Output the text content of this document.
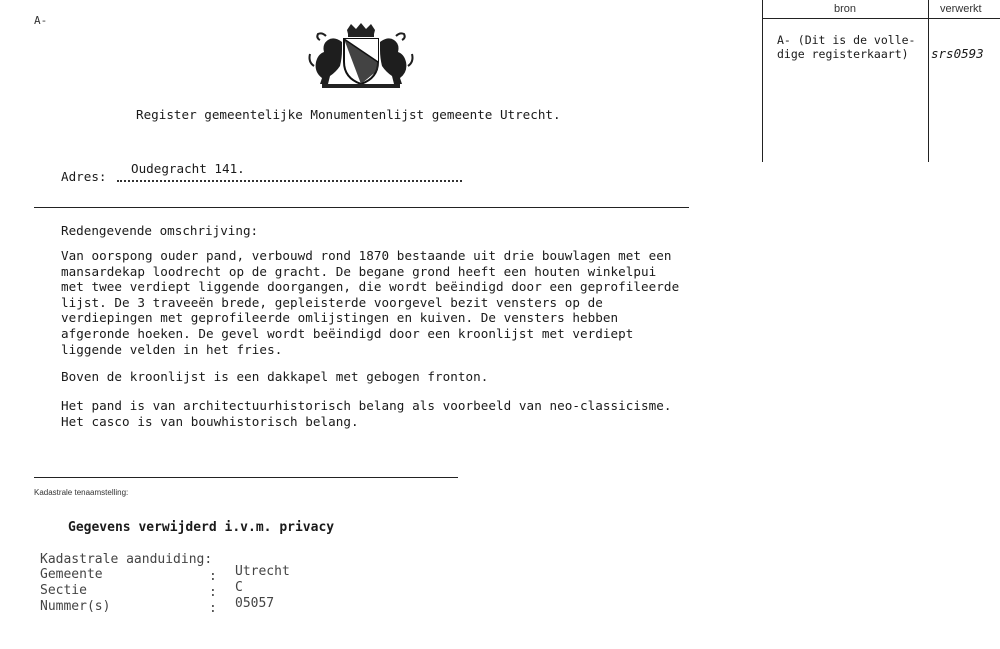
A-
Register gemeentelijke Monumentenlijst gemeente Utrecht.
bron	verwerkt
A- (Dit is de volle-
dige registerkaart) srs0593
Oudegracht 141.
Adres:
Redengevende omschrijving:
Van oorspong ouder pand, verbouwd rond 1870 bestaande uit drie bouwlagen met een
mansardekap loodrecht op de gracht. De begane grond heeft een houten winkelpui
met twee verdiept liggende doorgangen, die wordt beëindigd door een geprofileerde
lijst. De 3 traveeën brede, gepleisterde voorgevel bezit vensters op de
verdiepingen met geprofileerde omlijstingen en kuiven. De vensters hebben
afgeronde hoeken. De gevel wordt beëindigd door een kroonlijst met verdiept
liggende velden in het fries.
Boven de kroonlijst is een dakkapel met gebogen fronton.
Het pand is van architectuurhistorisch belang als voorbeeld van neo-classicisme.
Het casco is van bouwhistorisch belang.
Kadastrale tenaamstelling:
Gegevens verwijderd i.v.m. privacy
Kadastrale aanduiding:
Gemeente	: Utrecht
Sectie	: C
Nummer(s)	: 05057
